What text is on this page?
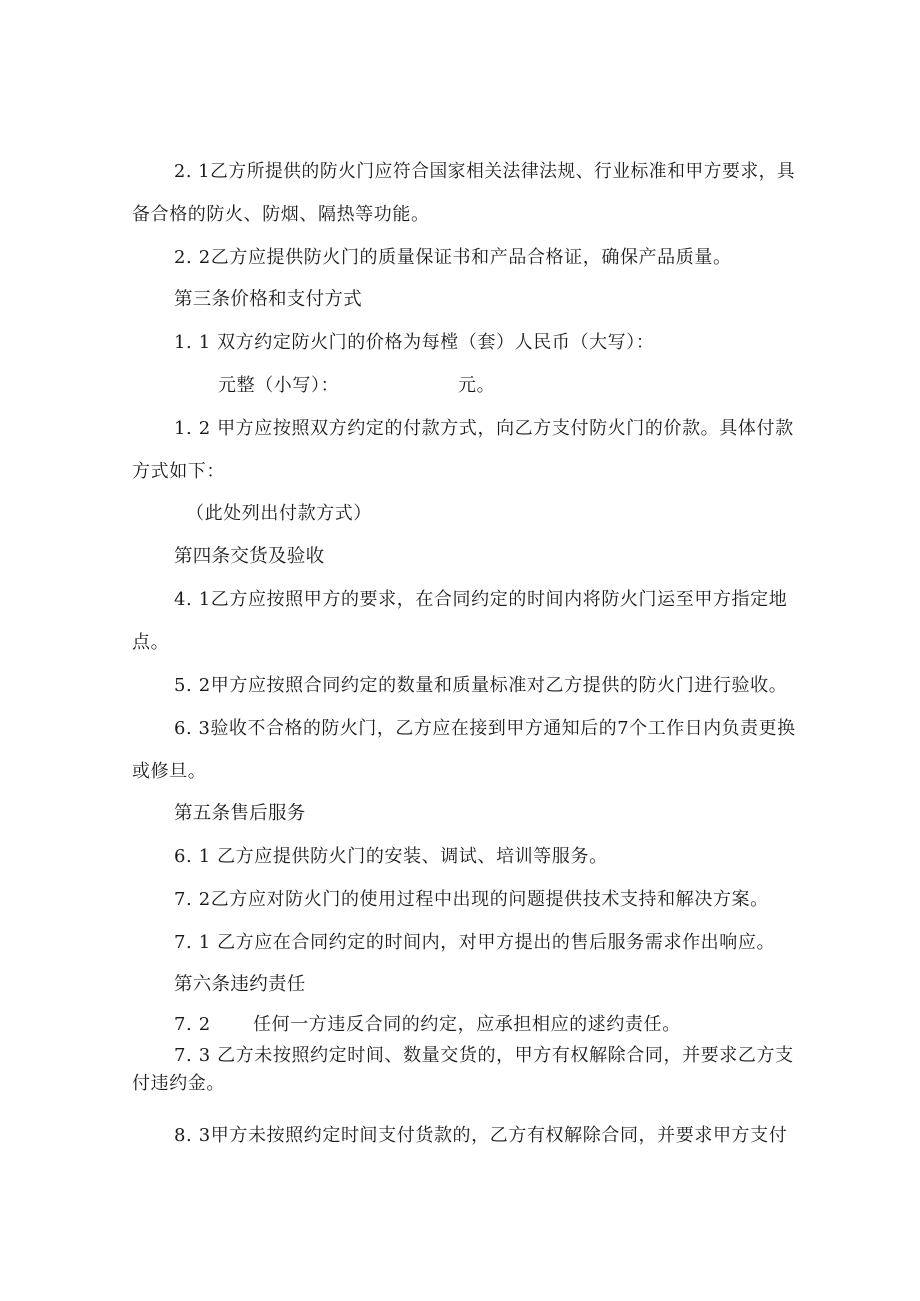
2. 1乙方所提供的防火门应符合国家相关法律法规、行业标准和甲方要求，具
备合格的防火、防烟、隔热等功能。
2. 2乙方应提供防火门的质量保证书和产品合格证，确保产品质量。
第三条价格和支付方式
1. 1 双方约定防火门的价格为每樘（套）人民币（大写）：
元整（小写）：	元。
1. 2 甲方应按照双方约定的付款方式，向乙方支付防火门的价款。具体付款
方式如下：
（此处列出付款方式）
第四条交货及验收
4. 1乙方应按照甲方的要求，在合同约定的时间内将防火门运至甲方指定地
点。
5. 2甲方应按照合同约定的数量和质量标准对乙方提供的防火门进行验收。
6. 3验收不合格的防火门，乙方应在接到甲方通知后的7个工作日内负责更换
或修旦。
第五条售后服务
6. 1 乙方应提供防火门的安装、调试、培训等服务。
7. 2乙方应对防火门的使用过程中出现的问题提供技术支持和解决方案。
7. 1 乙方应在合同约定的时间内，对甲方提出的售后服务需求作出响应。
第六条违约责任
7. 2 任何一方违反合同的约定，应承担相应的逑约责任。
7. 3 乙方未按照约定时间、数量交货的，甲方有权解除合同，并要求乙方支
付违约金。
8. 3甲方未按照约定时间支付货款的，乙方有权解除合同，并要求甲方支付
